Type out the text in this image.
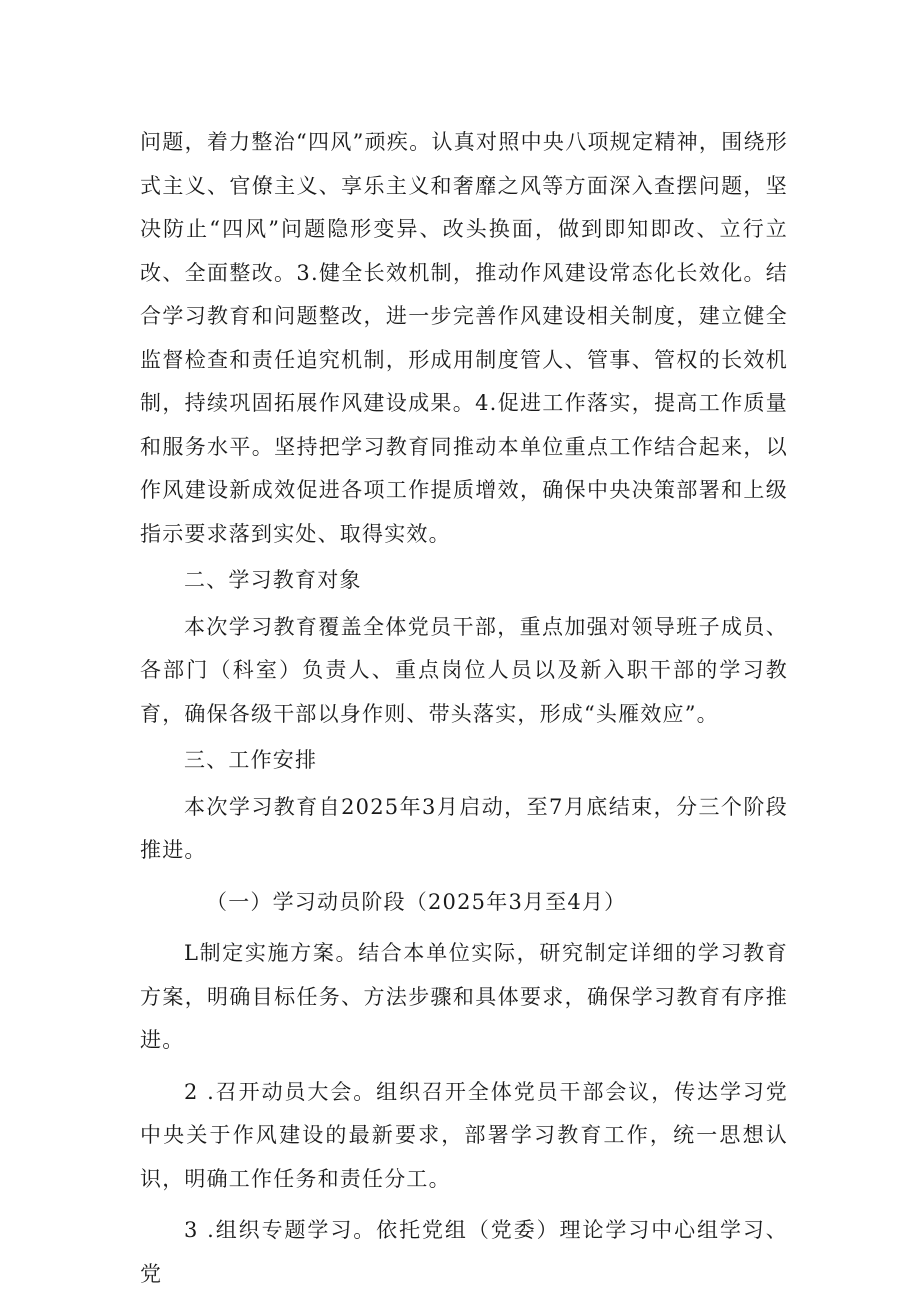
问题，着力整治“四风”顽疾。认真对照中央八项规定精神，围绕形式主义、官僚主义、享乐主义和奢靡之风等方面深入查摆问题，坚决防止“四风”问题隐形变异、改头换面，做到即知即改、立行立改、全面整改。3.健全长效机制，推动作风建设常态化长效化。结合学习教育和问题整改，进一步完善作风建设相关制度，建立健全监督检查和责任追究机制，形成用制度管人、管事、管权的长效机制，持续巩固拓展作风建设成果。4.促进工作落实，提高工作质量和服务水平。坚持把学习教育同推动本单位重点工作结合起来，以作风建设新成效促进各项工作提质增效，确保中央决策部署和上级指示要求落到实处、取得实效。

二、学习教育对象

本次学习教育覆盖全体党员干部，重点加强对领导班子成员、各部门（科室）负责人、重点岗位人员以及新入职干部的学习教育，确保各级干部以身作则、带头落实，形成“头雁效应”。

三、工作安排

本次学习教育自2025年3月启动，至7月底结束，分三个阶段推进。

（一）学习动员阶段（2025年3月至4月）

L制定实施方案。结合本单位实际，研究制定详细的学习教育方案，明确目标任务、方法步骤和具体要求，确保学习教育有序推进。

2 .召开动员大会。组织召开全体党员干部会议，传达学习党中央关于作风建设的最新要求，部署学习教育工作，统一思想认识，明确工作任务和责任分工。

3 .组织专题学习。依托党组（党委）理论学习中心组学习、党
